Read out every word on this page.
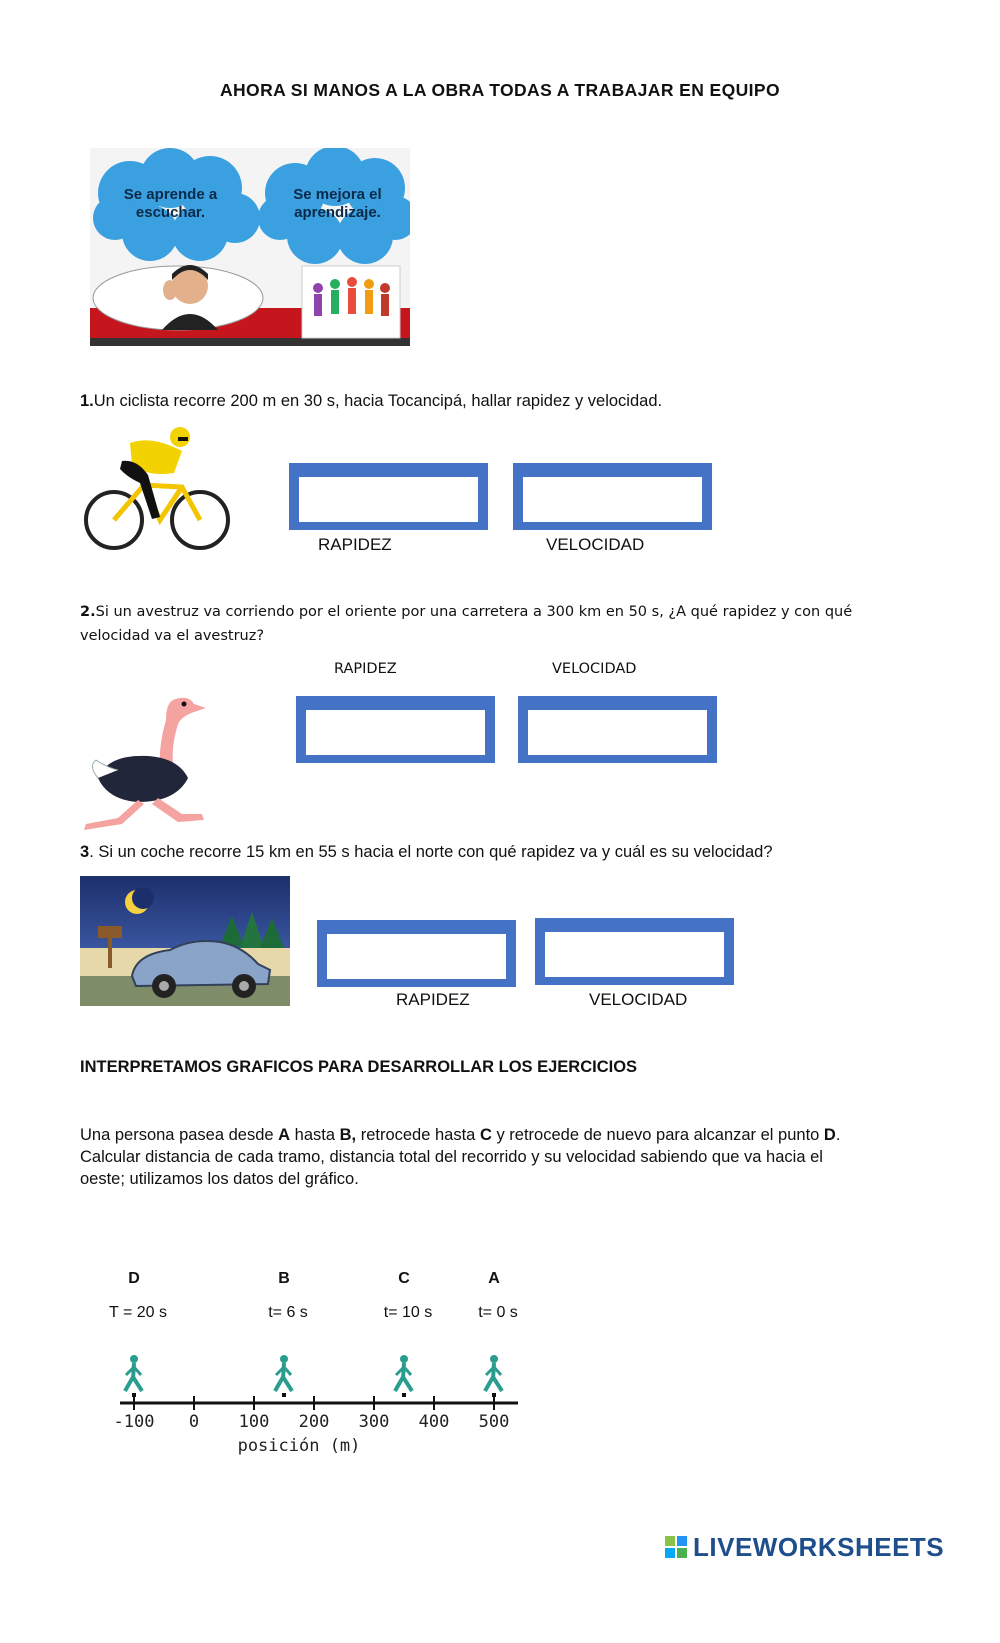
AHORA SI MANOS A LA OBRA TODAS A TRABAJAR EN EQUIPO
Se aprende a escuchar.
Se mejora el aprendizaje.
1.Un ciclista recorre 200 m en 30 s, hacia Tocancipá, hallar rapidez y velocidad.
RAPIDEZ	VELOCIDAD
2.Si un avestruz va corriendo por el oriente por una carretera a 300 km en 50 s, ¿A qué rapidez y con qué
velocidad va el avestruz?
RAPIDEZ	VELOCIDAD
3. Si un coche recorre 15 km en 55 s hacia el norte con qué rapidez va y cuál es su velocidad?
RAPIDEZ	VELOCIDAD
INTERPRETAMOS GRAFICOS PARA DESARROLLAR LOS EJERCICIOS
Una persona pasea desde A hasta B, retrocede hasta C y retrocede de nuevo para alcanzar el punto D.
Calcular distancia de cada tramo, distancia total del recorrido y su velocidad sabiendo que va hacia el
oeste; utilizamos los datos del gráfico.
-100 0 100 200 300 400 500
posición (m)
D
T = 20 s
B
t= 6 s
C
t= 10 s
A
t= 0 s
LIVEWORKSHEETS
